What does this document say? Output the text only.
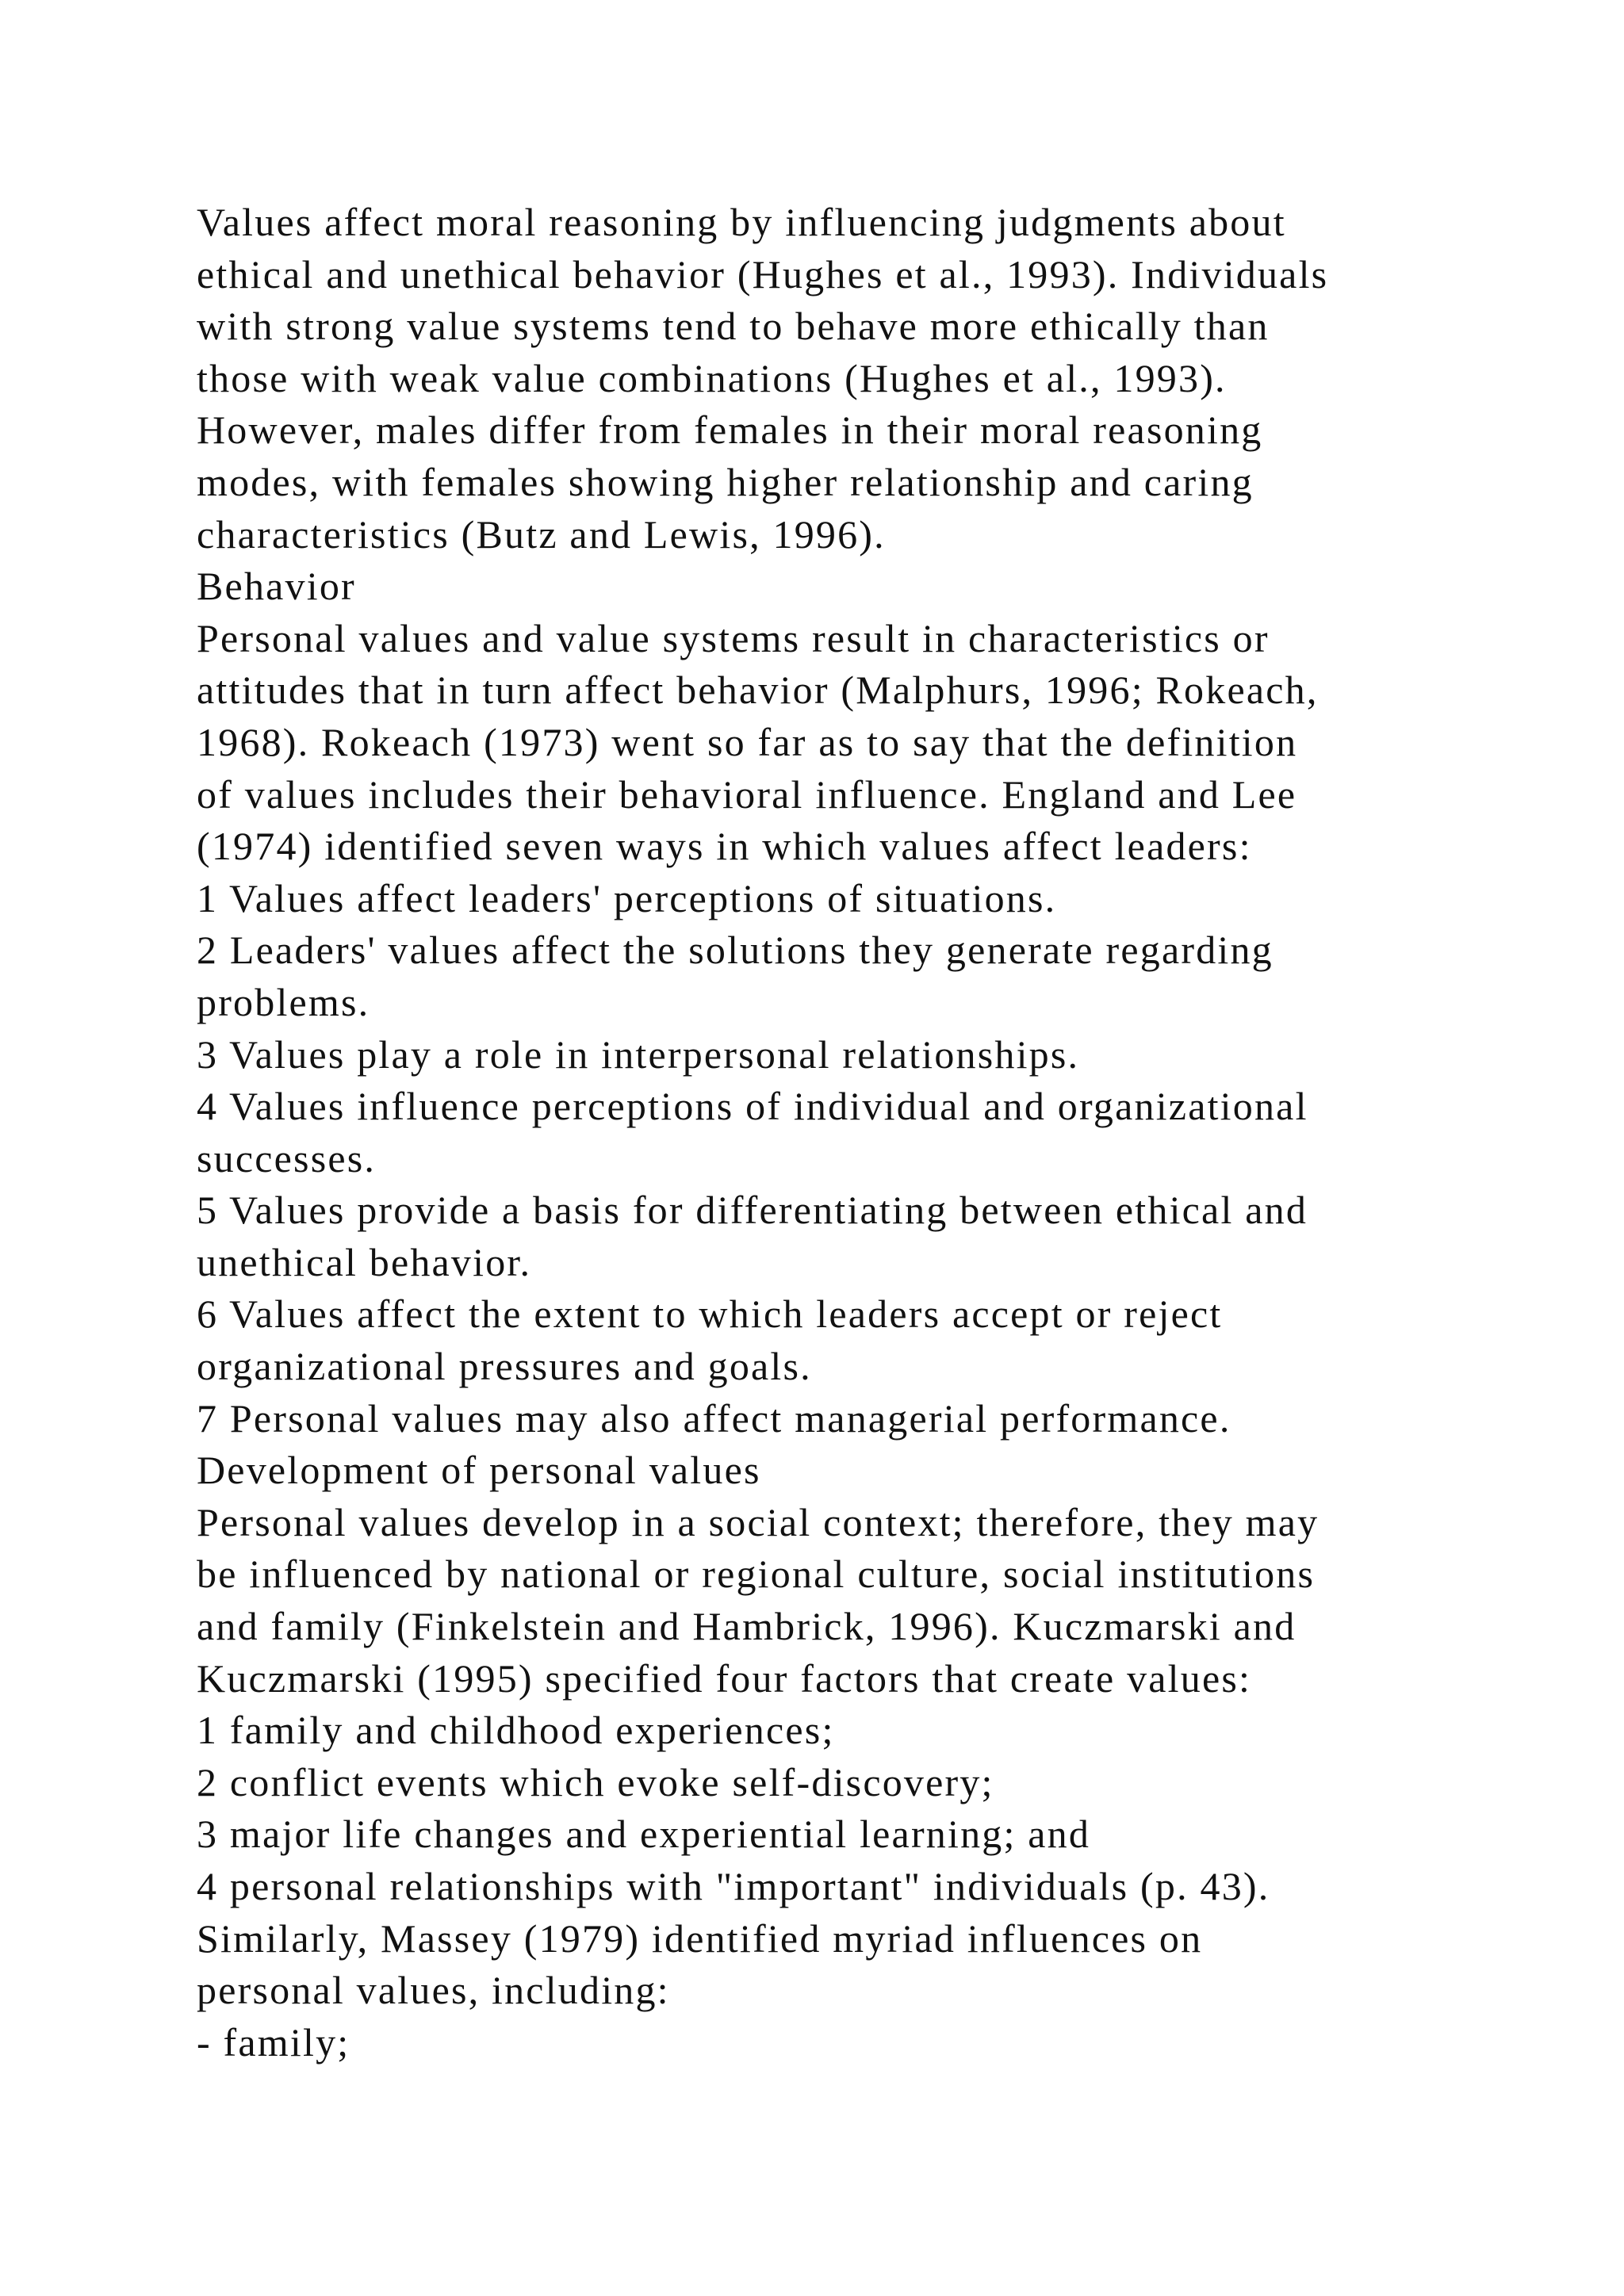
Values affect moral reasoning by influencing judgments about
ethical and unethical behavior (Hughes et al., 1993). Individuals
with strong value systems tend to behave more ethically than
those with weak value combinations (Hughes et al., 1993).
However, males differ from females in their moral reasoning
modes, with females showing higher relationship and caring
characteristics (Butz and Lewis, 1996).
Behavior
Personal values and value systems result in characteristics or
attitudes that in turn affect behavior (Malphurs, 1996; Rokeach,
1968). Rokeach (1973) went so far as to say that the definition
of values includes their behavioral influence. England and Lee
(1974) identified seven ways in which values affect leaders:
1 Values affect leaders' perceptions of situations.
2 Leaders' values affect the solutions they generate regarding
problems.
3 Values play a role in interpersonal relationships.
4 Values influence perceptions of individual and organizational
successes.
5 Values provide a basis for differentiating between ethical and
unethical behavior.
6 Values affect the extent to which leaders accept or reject
organizational pressures and goals.
7 Personal values may also affect managerial performance.
Development of personal values
Personal values develop in a social context; therefore, they may
be influenced by national or regional culture, social institutions
and family (Finkelstein and Hambrick, 1996). Kuczmarski and
Kuczmarski (1995) specified four factors that create values:
1 family and childhood experiences;
2 conflict events which evoke self-discovery;
3 major life changes and experiential learning; and
4 personal relationships with "important" individuals (p. 43).
Similarly, Massey (1979) identified myriad influences on
personal values, including:
- family;
